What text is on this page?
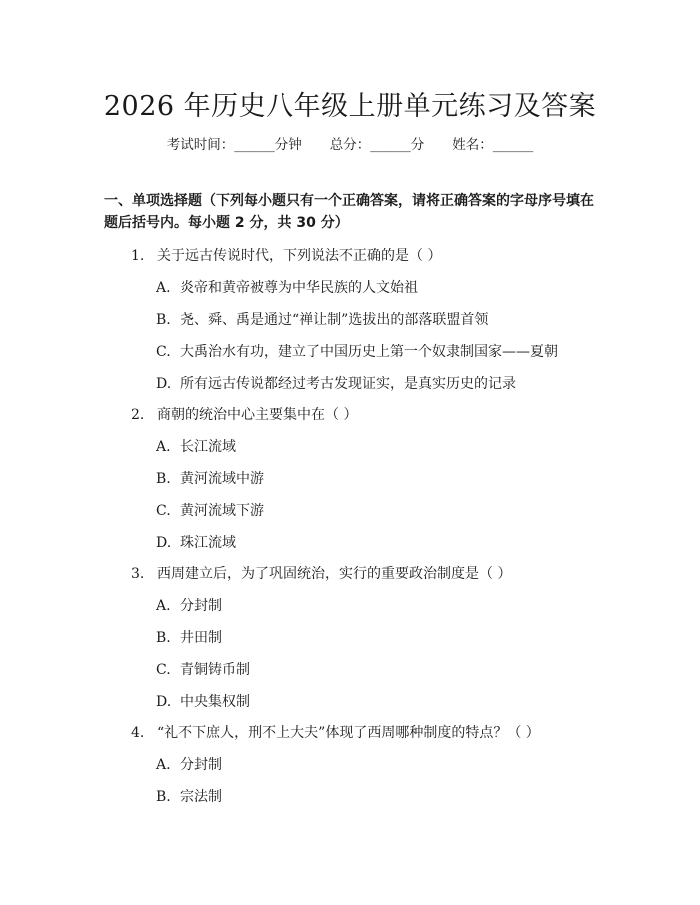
2026 年历史八年级上册单元练习及答案
考试时间：______分钟 总分：______分 姓名：______
一、单项选择题（下列每小题只有一个正确答案，请将正确答案的字母序号填在
题后括号内。每小题 2 分，共 30 分）
1. 关于远古传说时代，下列说法不正确的是（ ）
A. 炎帝和黄帝被尊为中华民族的人文始祖
B. 尧、舜、禹是通过“禅让制”选拔出的部落联盟首领
C. 大禹治水有功，建立了中国历史上第一个奴隶制国家——夏朝
D. 所有远古传说都经过考古发现证实，是真实历史的记录
2. 商朝的统治中心主要集中在（ ）
A. 长江流域
B. 黄河流域中游
C. 黄河流域下游
D. 珠江流域
3. 西周建立后，为了巩固统治，实行的重要政治制度是（ ）
A. 分封制
B. 井田制
C. 青铜铸币制
D. 中央集权制
4. “礼不下庶人，刑不上大夫”体现了西周哪种制度的特点？（ ）
A. 分封制
B. 宗法制
